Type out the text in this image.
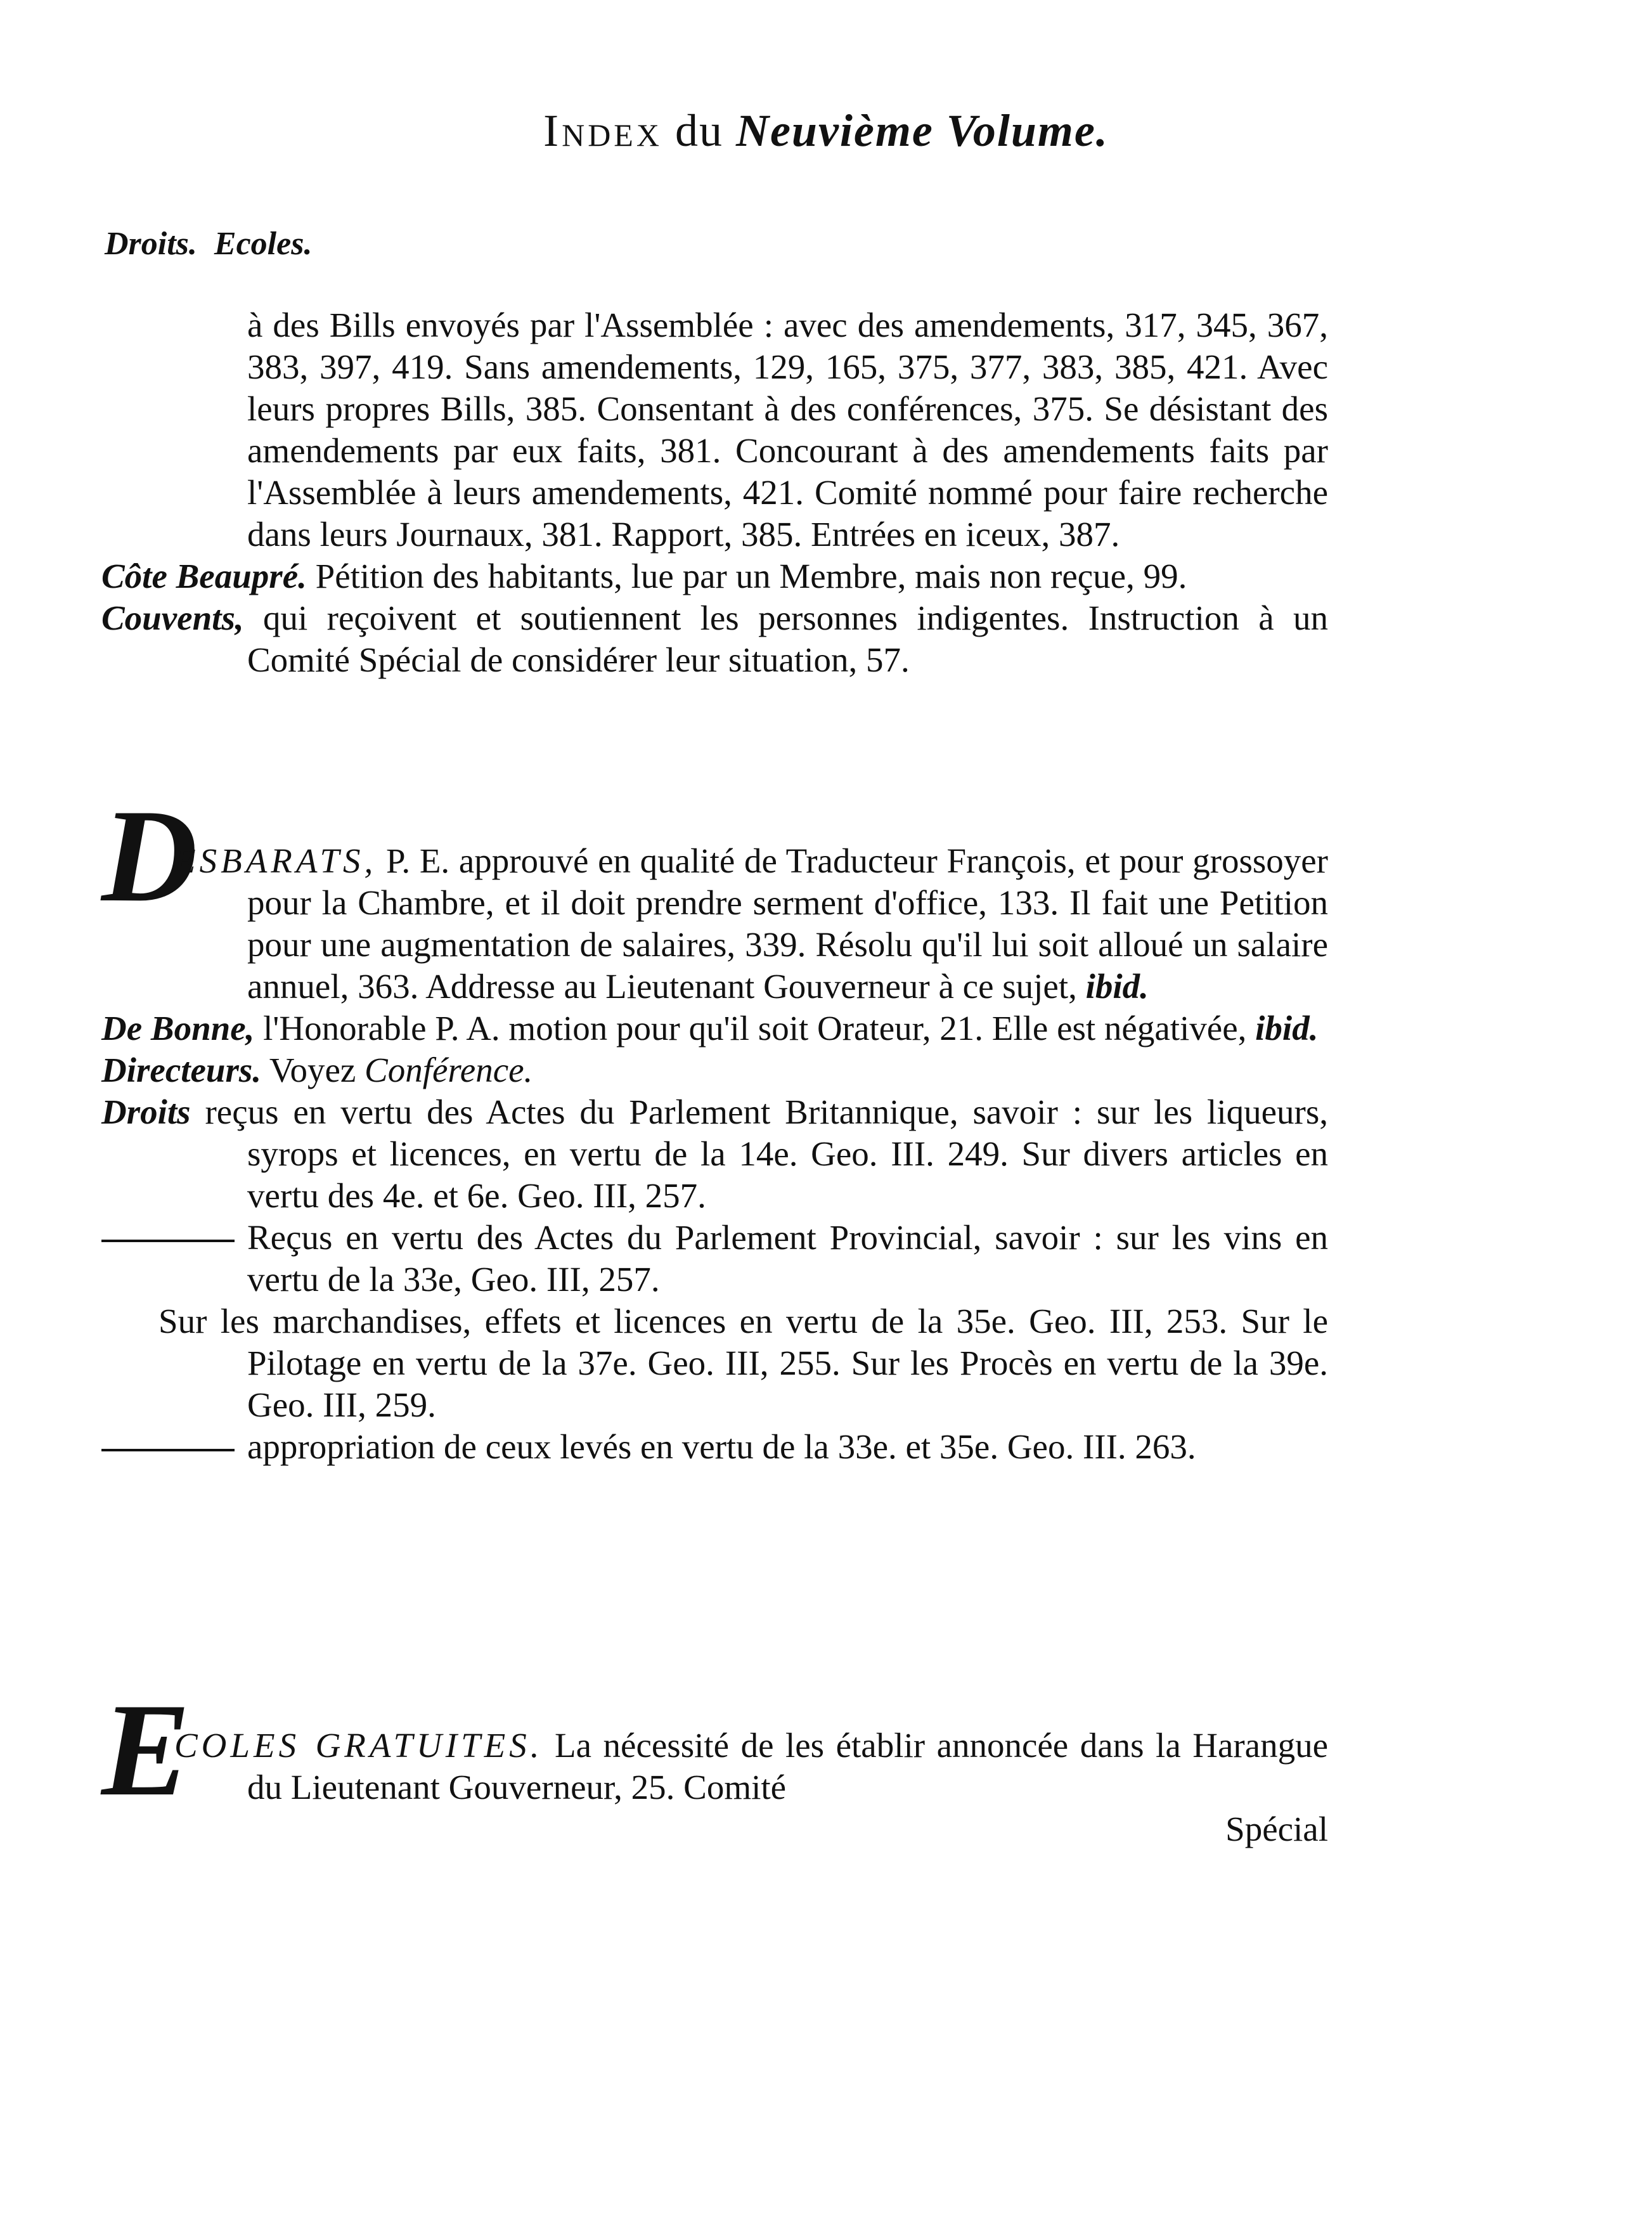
Index du Neuvième Volume.
Droits. Ecoles.
à des Bills envoyés par l'Assemblée : avec des amendements, 317, 345, 367, 383, 397, 419. Sans amendements, 129, 165, 375, 377, 383, 385, 421. Avec leurs propres Bills, 385. Consentant à des conférences, 375. Se désistant des amendements par eux faits, 381. Concourant à des amendements faits par l'Assemblée à leurs amendements, 421. Comité nommé pour faire recherche dans leurs Journaux, 381. Rapport, 385. Entrées en iceux, 387.
Côte Beaupré. Pétition des habitants, lue par un Membre, mais non reçue, 99.
Couvents, qui reçoivent et soutiennent les personnes indigentes. Instruction à un Comité Spécial de considérer leur situation, 57.
D
ESBARATS, P. E. approuvé en qualité de Traducteur François, et pour grossoyer pour la Chambre, et il doit prendre serment d'office, 133. Il fait une Petition pour une augmentation de salaires, 339. Résolu qu'il lui soit alloué un salaire annuel, 363. Addresse au Lieutenant Gouverneur à ce sujet, ibid.
De Bonne, l'Honorable P. A. motion pour qu'il soit Orateur, 21. Elle est négativée, ibid.
Directeurs. Voyez Conférence.
Droits reçus en vertu des Actes du Parlement Britannique, savoir : sur les liqueurs, syrops et licences, en vertu de la 14e. Geo. III. 249. Sur divers articles en vertu des 4e. et 6e. Geo. III, 257.
Reçus en vertu des Actes du Parlement Provincial, savoir : sur les vins en vertu de la 33e, Geo. III, 257.
Sur les marchandises, effets et licences en vertu de la 35e. Geo. III, 253. Sur le Pilotage en vertu de la 37e. Geo. III, 255. Sur les Procès en vertu de la 39e. Geo. III, 259.
appropriation de ceux levés en vertu de la 33e. et 35e. Geo. III. 263.
E
COLES GRATUITES. La nécessité de les établir annoncée dans la Harangue du Lieutenant Gouverneur, 25. Comité
Spécial
